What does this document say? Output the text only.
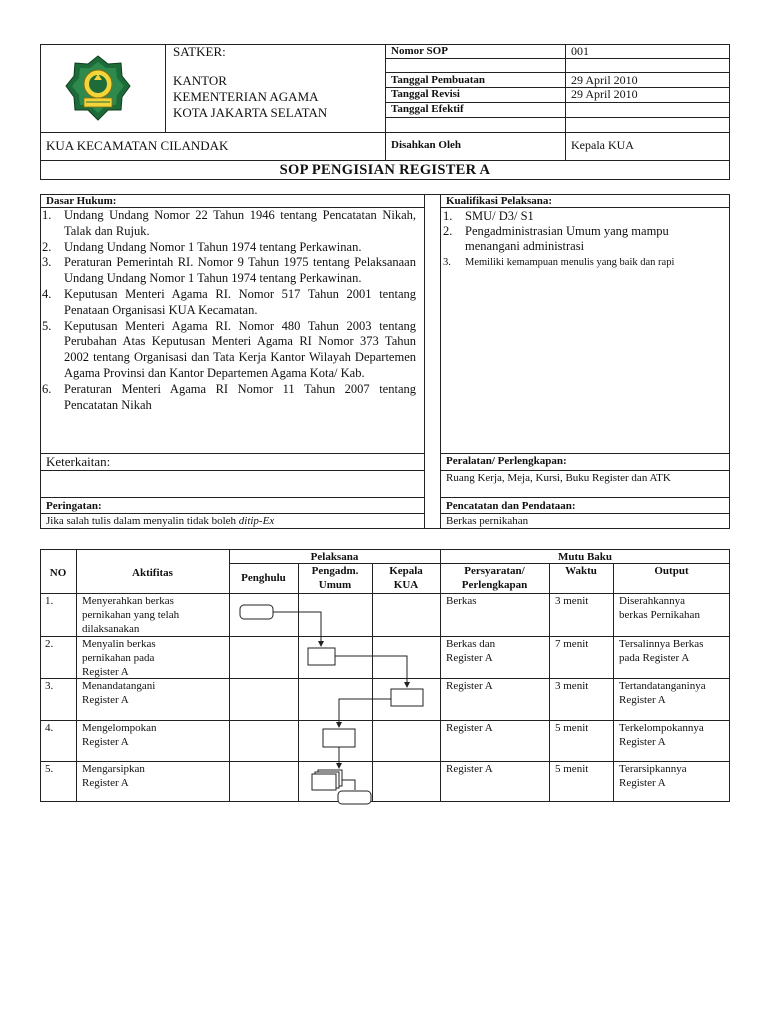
SATKER:
KANTOR
KEMENTERIAN AGAMA
KOTA JAKARTA SELATAN
KUA KECAMATAN CILANDAK
Nomor SOP	001
Tanggal Pembuatan	29 April 2010
Tanggal Revisi	29 April 2010
Tanggal Efektif
Disahkan Oleh	Kepala KUA
SOP PENGISIAN REGISTER A
Dasar Hukum:	Kualifikasi Pelaksana:
1. Undang Undang Nomor 22 Tahun 1946 tentang Pencatatan Nikah, Talak dan Rujuk.
2. Undang Undang Nomor 1 Tahun 1974 tentang Perkawinan.
3. Peraturan Pemerintah RI. Nomor 9 Tahun 1975 tentang Pelaksanaan Undang Undang Nomor 1 Tahun 1974 tentang Perkawinan.
4. Keputusan Menteri Agama RI. Nomor 517 Tahun 2001 tentang Penataan Organisasi KUA Kecamatan.
5. Keputusan Menteri Agama RI. Nomor 480 Tahun 2003 tentang Perubahan Atas Keputusan Menteri Agama RI Nomor 373 Tahun 2002 tentang Organisasi dan Tata Kerja Kantor Wilayah Departemen Agama Provinsi dan Kantor Departemen Agama Kota/ Kab.
6. Peraturan Menteri Agama RI Nomor 11 Tahun 2007 tentang Pencatatan Nikah
1. SMU/ D3/ S1
2. Pengadministrasian Umum yang mampu menangani administrasi
3. Memiliki kemampuan menulis yang baik dan rapi
Keterkaitan:	Peralatan/ Perlengkapan:
Ruang Kerja, Meja, Kursi, Buku Register dan ATK
Peringatan:	Pencatatan dan Pendataan:
Jika salah tulis dalam menyalin tidak boleh ditip-Ex	Berkas pernikahan
NO	Aktifitas
Pelaksana
Penghulu
Pengadm.
Umum
Kepala
KUA
Mutu Baku
Persyaratan/
Perlengkapan
Waktu	Output
1.	Menyerahkan berkas
pernikahan yang telah
dilaksanakan
Berkas	3 menit	Diserahkannya
berkas Pernikahan
2.	Menyalin berkas
pernikahan pada
Register A
Berkas dan
Register A
7 menit	Tersalinnya Berkas
pada Register A
3.	Menandatangani
Register A
Register A	3 menit	Tertandatanganinya
Register A
4.	Mengelompokan
Register A
Register A	5 menit	Terkelompokannya
Register A
5.	Mengarsipkan
Register A
Register A	5 menit	Terarsipkannya
Register A
